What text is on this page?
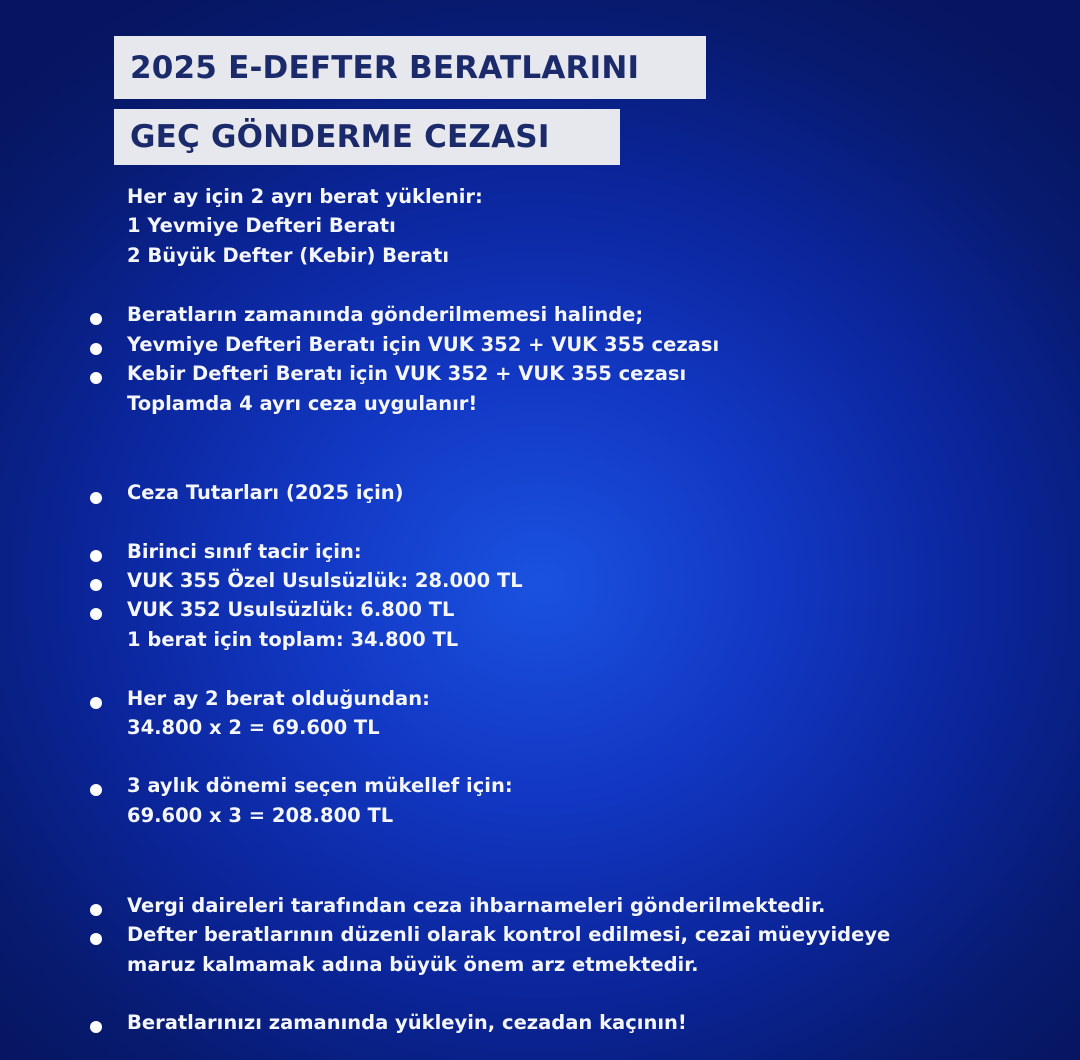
2025 E-DEFTER BERATLARINI
GEÇ GÖNDERME CEZASI
Her ay için 2 ayrı berat yüklenir:
1 Yevmiye Defteri Beratı
2 Büyük Defter (Kebir) Beratı
Beratların zamanında gönderilmemesi halinde;
Yevmiye Defteri Beratı için VUK 352 + VUK 355 cezası
Kebir Defteri Beratı için VUK 352 + VUK 355 cezası
Toplamda 4 ayrı ceza uygulanır!
Ceza Tutarları (2025 için)
Birinci sınıf tacir için:
VUK 355 Özel Usulsüzlük: 28.000 TL
VUK 352 Usulsüzlük: 6.800 TL
1 berat için toplam: 34.800 TL
Her ay 2 berat olduğundan:
34.800 x 2 = 69.600 TL
3 aylık dönemi seçen mükellef için:
69.600 x 3 = 208.800 TL
Vergi daireleri tarafından ceza ihbarnameleri gönderilmektedir.
Defter beratlarının düzenli olarak kontrol edilmesi, cezai müeyyideye
maruz kalmamak adına büyük önem arz etmektedir.
Beratlarınızı zamanında yükleyin, cezadan kaçının!
